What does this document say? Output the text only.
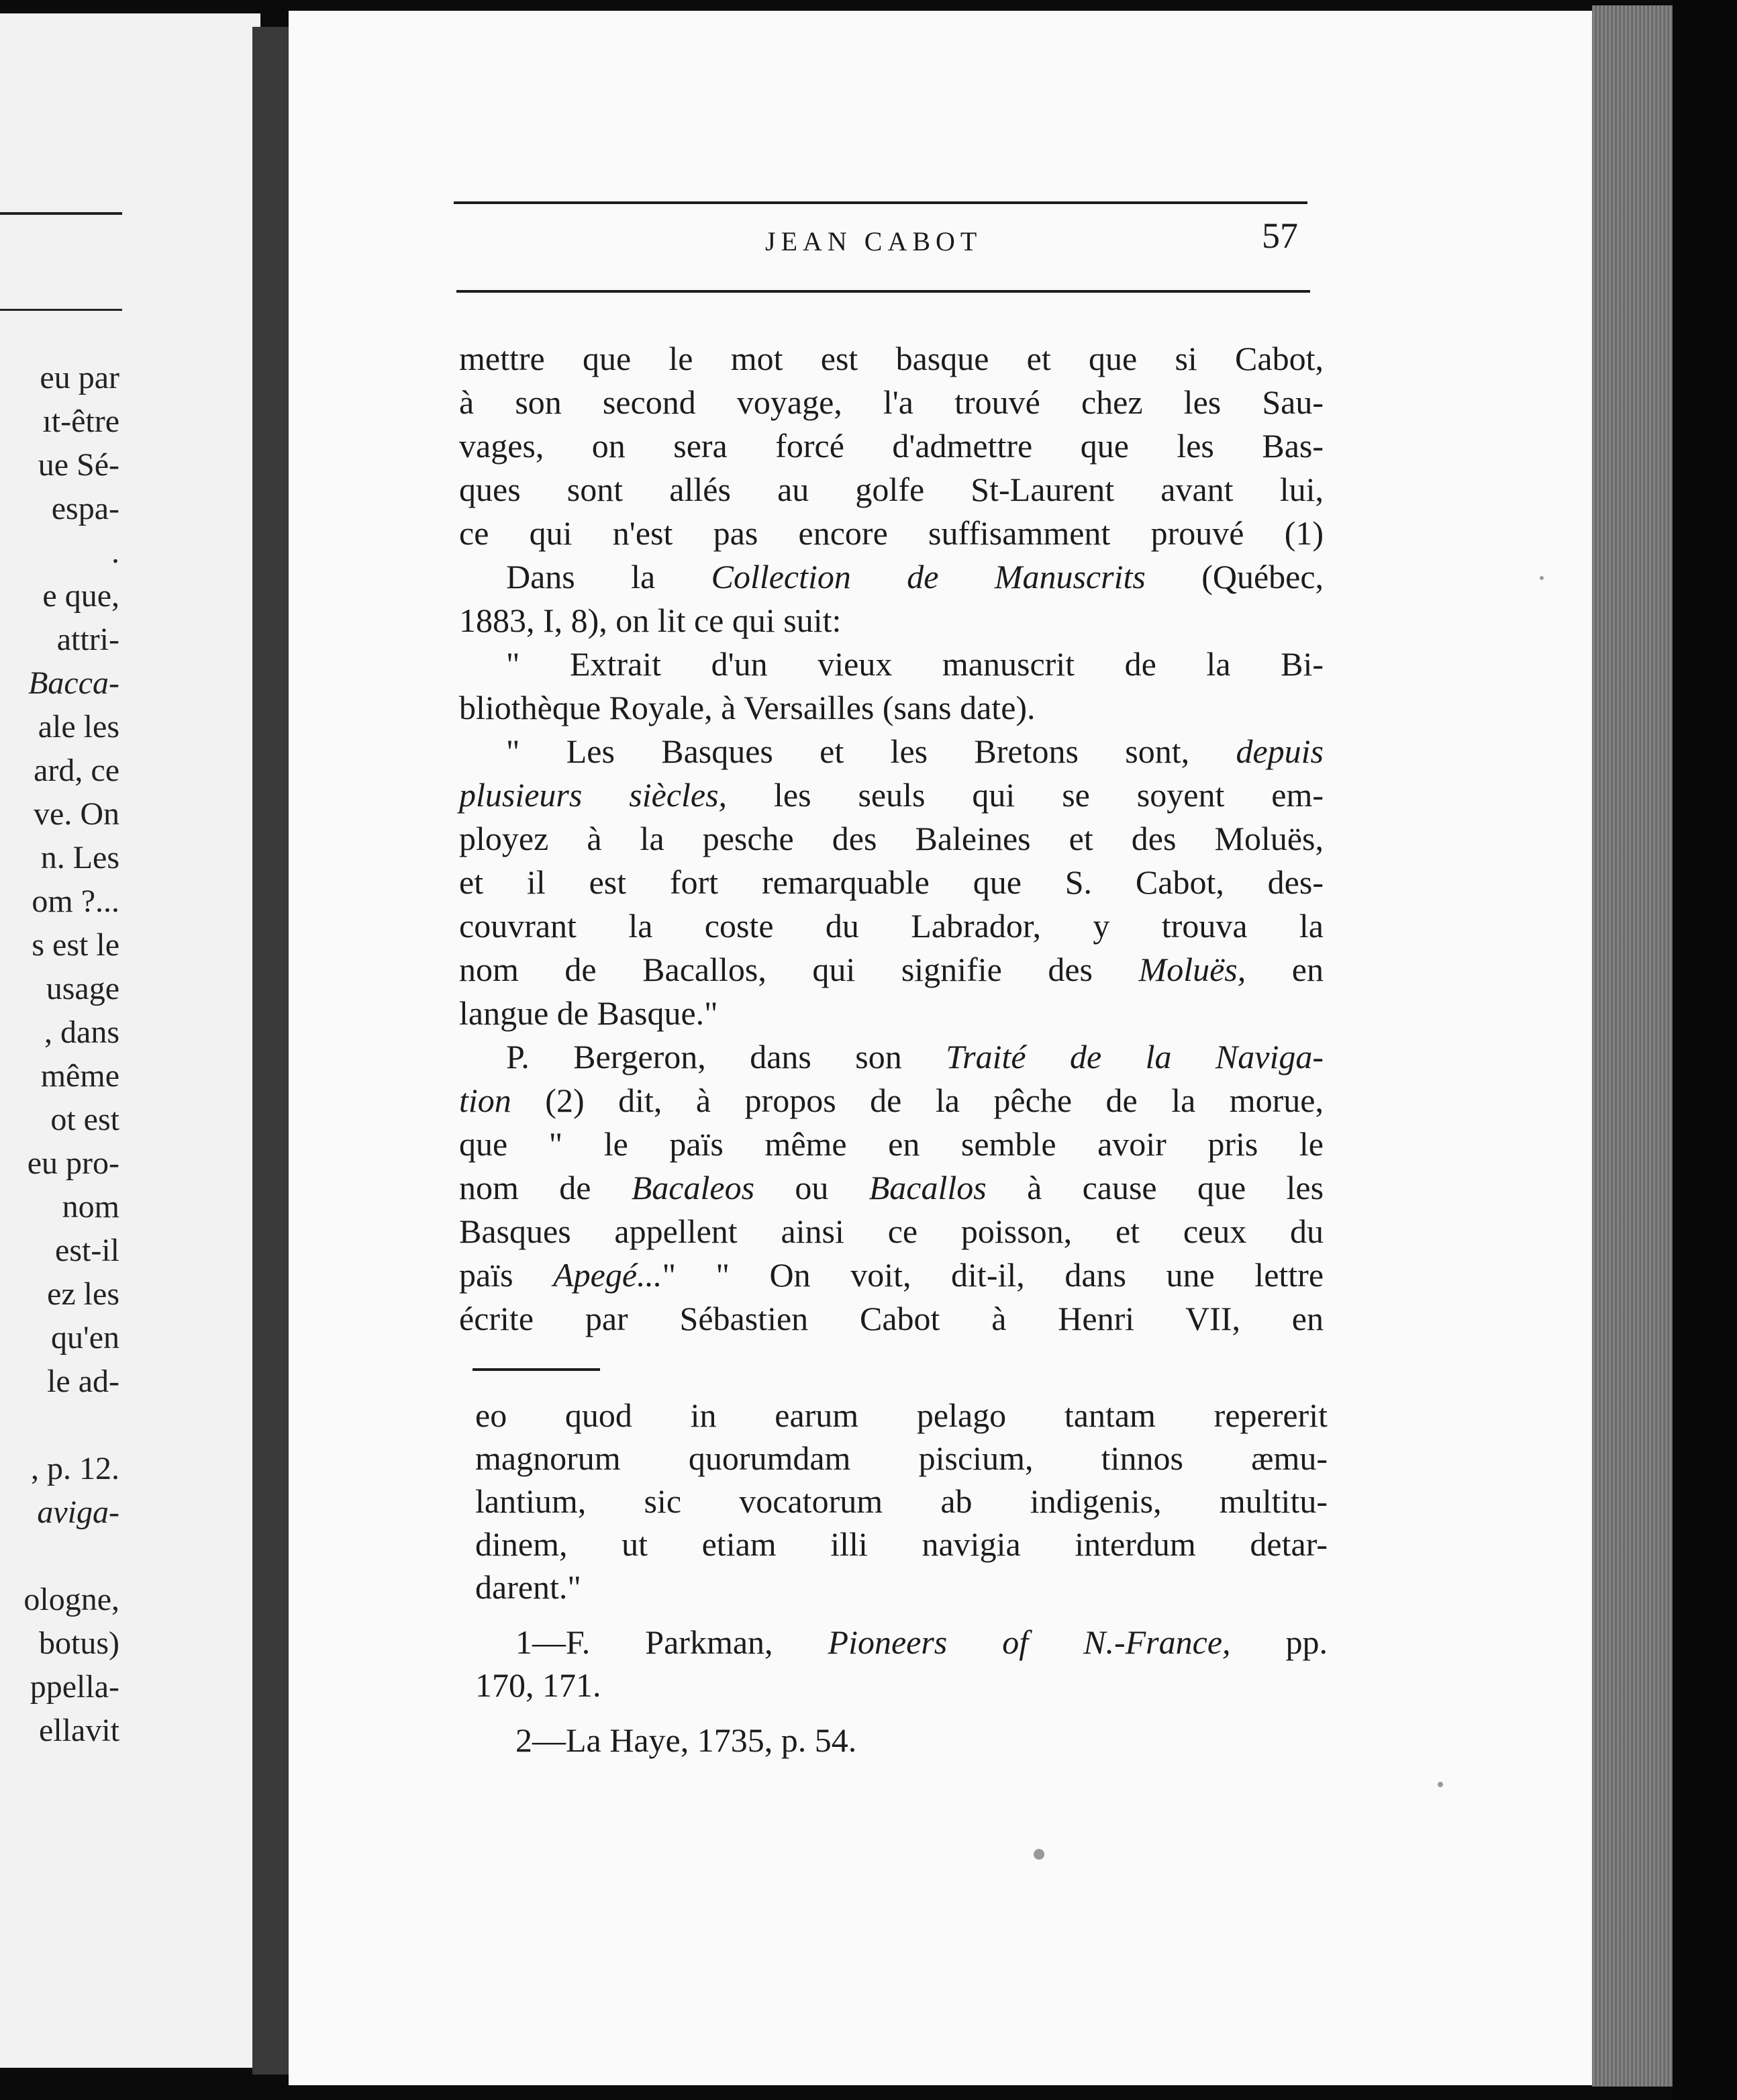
eu par
ıt-être
ue Sé-
espa-
.
e que,
attri-
Bacca-
ale les
ard, ce
ve. On
n. Les
om ?...
s est le
usage
, dans
même
ot est
eu pro-
nom
est-il
ez les
qu'en
le ad-
, p. 12.
aviga-
ologne,
botus)
ppella-
ellavit
JEAN CABOT	57
mettre que le mot est basque et que si Cabot,
à son second voyage, l'a trouvé chez les Sau-
vages, on sera forcé d'admettre que les Bas-
ques sont allés au golfe St-Laurent avant lui,
ce qui n'est pas encore suffisamment prouvé (1)
Dans la Collection de Manuscrits (Québec,
1883, I, 8), on lit ce qui suit:
" Extrait d'un vieux manuscrit de la Bi-
bliothèque Royale, à Versailles (sans date).
" Les Basques et les Bretons sont, depuis
plusieurs siècles, les seuls qui se soyent em-
ployez à la pesche des Baleines et des Moluës,
et il est fort remarquable que S. Cabot, des-
couvrant la coste du Labrador, y trouva la
nom de Bacallos, qui signifie des Moluës, en
langue de Basque."
P. Bergeron, dans son Traité de la Naviga-
tion (2) dit, à propos de la pêche de la morue,
que " le païs même en semble avoir pris le
nom de Bacaleos ou Bacallos à cause que les
Basques appellent ainsi ce poisson, et ceux du
païs Apegé..." " On voit, dit-il, dans une lettre
écrite par Sébastien Cabot à Henri VII, en
eo quod in earum pelago tantam repererit
magnorum quorumdam piscium, tinnos æmu-
lantium, sic vocatorum ab indigenis, multitu-
dinem, ut etiam illi navigia interdum detar-
darent."
1—F. Parkman, Pioneers of N.-France, pp.
170, 171.
2—La Haye, 1735, p. 54.
